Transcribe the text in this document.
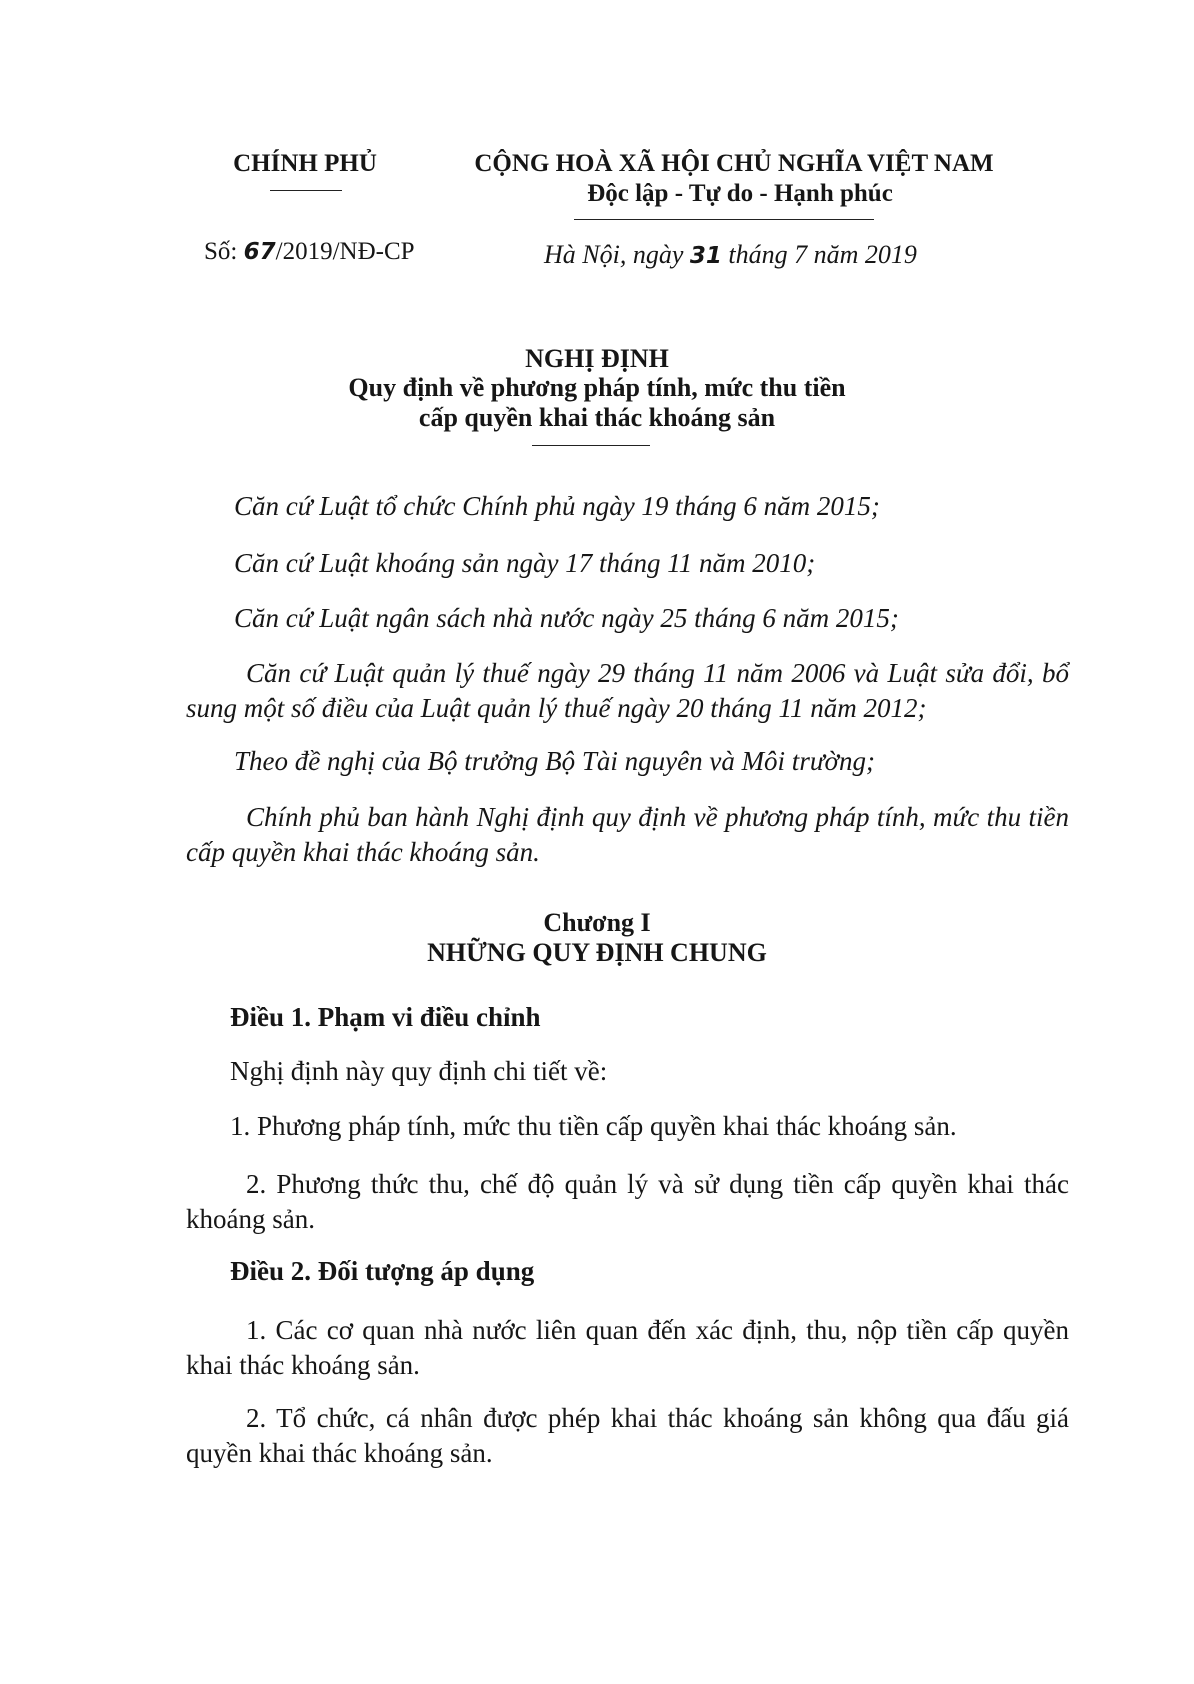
CHÍNH PHỦ	CỘNG HOÀ XÃ HỘI CHỦ NGHĨA VIỆT NAM
Độc lập - Tự do - Hạnh phúc
Số: 67/2019/NĐ-CP	Hà Nội, ngày 31 tháng 7 năm 2019
NGHỊ ĐỊNH
Quy định về phương pháp tính, mức thu tiền
cấp quyền khai thác khoáng sản
Căn cứ Luật tổ chức Chính phủ ngày 19 tháng 6 năm 2015;
Căn cứ Luật khoáng sản ngày 17 tháng 11 năm 2010;
Căn cứ Luật ngân sách nhà nước ngày 25 tháng 6 năm 2015;
Căn cứ Luật quản lý thuế ngày 29 tháng 11 năm 2006 và Luật sửa đổi, bổ sung một số điều của Luật quản lý thuế ngày 20 tháng 11 năm 2012;
Theo đề nghị của Bộ trưởng Bộ Tài nguyên và Môi trường;
Chính phủ ban hành Nghị định quy định về phương pháp tính, mức thu tiền cấp quyền khai thác khoáng sản.
Chương I
NHỮNG QUY ĐỊNH CHUNG
Điều 1. Phạm vi điều chỉnh
Nghị định này quy định chi tiết về:
1. Phương pháp tính, mức thu tiền cấp quyền khai thác khoáng sản.
2. Phương thức thu, chế độ quản lý và sử dụng tiền cấp quyền khai thác khoáng sản.
Điều 2. Đối tượng áp dụng
1. Các cơ quan nhà nước liên quan đến xác định, thu, nộp tiền cấp quyền khai thác khoáng sản.
2. Tổ chức, cá nhân được phép khai thác khoáng sản không qua đấu giá quyền khai thác khoáng sản.
